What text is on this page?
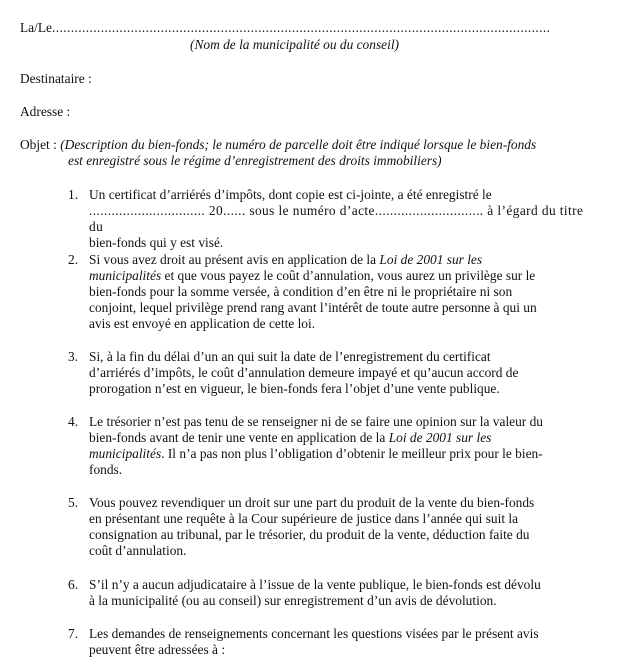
La/Le.....................................................................................................................................
(Nom de la municipalité ou du conseil)
Destinataire :
Adresse :
Objet : (Description du bien-fonds; le numéro de parcelle doit être indiqué lorsque le bien-fonds
est enregistré sous le régime d’enregistrement des droits immobiliers)
1. Un certificat d’arriérés d’impôts, dont copie est ci-jointe, a été enregistré le
............................... 20...... sous le numéro d’acte............................. à l’égard du titre du
bien-fonds qui y est visé.
2. Si vous avez droit au présent avis en application de la Loi de 2001 sur les
municipalités et que vous payez le coût d’annulation, vous aurez un privilège sur le
bien-fonds pour la somme versée, à condition d’en être ni le propriétaire ni son
conjoint, lequel privilège prend rang avant l’intérêt de toute autre personne à qui un
avis est envoyé en application de cette loi.
3. Si, à la fin du délai d’un an qui suit la date de l’enregistrement du certificat
d’arriérés d’impôts, le coût d’annulation demeure impayé et qu’aucun accord de
prorogation n’est en vigueur, le bien-fonds fera l’objet d’une vente publique.
4. Le trésorier n’est pas tenu de se renseigner ni de se faire une opinion sur la valeur du
bien-fonds avant de tenir une vente en application de la Loi de 2001 sur les
municipalités. Il n’a pas non plus l’obligation d’obtenir le meilleur prix pour le bien-
fonds.
5. Vous pouvez revendiquer un droit sur une part du produit de la vente du bien-fonds
en présentant une requête à la Cour supérieure de justice dans l’année qui suit la
consignation au tribunal, par le trésorier, du produit de la vente, déduction faite du
coût d’annulation.
6. S’il n’y a aucun adjudicataire à l’issue de la vente publique, le bien-fonds est dévolu
à la municipalité (ou au conseil) sur enregistrement d’un avis de dévolution.
7. Les demandes de renseignements concernant les questions visées par le présent avis
peuvent être adressées à :
